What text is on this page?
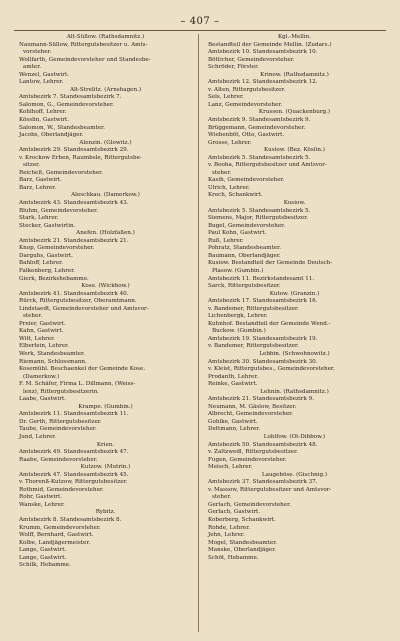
– 407 –
Alt-Süllow. (Rathsdamnitz.)
Naumann-Süllow, Rittergutsbesitzer u. Amts-
vorsteher.
Wollfarth, Gemeindevorsteher und Standesbe-
amter.
Wenzel, Gastwirt.
Lantow, Lehrer.
Alt-Strelitz. (Arnshagen.)
Amtsbezirk 7. Standesamtsbezirk 7.
Salomon, G., Gemeindevorsteher.
Kohlhoff, Lehrer.
Kösslin, Gastwirt.
Salomon, W., Standesbeamter.
Jacobs, Oberlandjäger.
Alenzin. (Glowitz.)
Amtsbezirk 29. Standesamtsbezirk 29.
v. Krockow Erben, Raumbsle, Rittergutsbe-
sitzer.
Reichelt, Gemeindevorsteher.
Barz, Gastwirt.
Barz, Lehrer.
Aleschkau. (Damerkow.)
Amtsbezirk 43. Standesamtsbezirk 43.
Bluhm, Gemeindevorsteher.
Stark, Lehrer.
Stecker, Gastwirtin.
Anefen. (Holzfaßen.)
Amtsbezirk 21. Standesamtsbezirk 21.
Knop, Gemeindevorsteher.
Darguhs, Gastwirt.
Bahloff, Lehrer.
Falkenberg, Lehrer.
Gierk, Bezirkshebamme.
Kose. (Wickbow.)
Amtsbezirk 41. Standesamtsbezirk 40.
Rürck, Rittergutsbesitzer, Oberamtmann.
Lindstaedt, Gemeindevorsteher und Amtsvor-
steher.
Preier, Gastwirt.
Kahn, Gastwirt.
Witt, Lehrer.
Elberlein, Lehrer.
Werk, Standesbeamter.
Riemann, Schlossmann.
Kosemühl. Beschaenkel der Gemeinde Kose.
(Damerkow.)
F. M. Schäfer, Firma L. Dillmann, (Weiss-
lenz), Rittergutsbesitzerin.
Laabe, Gastwirt.
Krampe. (Gumbin.)
Amtsbezirk 11. Standesamtsbezirk 11.
Dr. Gerth, Rittergutsbesitzer.
Taube, Gemeindevorsteher.
Jund, Lehrer.
Krien.
Amtsbezirk 49. Standesamtsbezirk 47.
Raabe, Gemeindevorsteher.
Kutzow. (Mutrin.)
Amtsbezirk 47. Standesamtsbezirk 45.
v. Thorenß-Kutzow, Rittergutsbesitzer.
Rothmid, Gemeindevorsteher.
Rohr, Gastwirt.
Wanske, Lehrer.
Rybitz.
Amtsbezirk 8. Standesamtsbezirk 8.
Krumm, Gemeindevorsteher.
Wolff, Bernhard, Gastwirt.
Kolbe, Landjägermeister.
Lange, Gastwirt.
Lange, Gastwirt.
Schilk, Hebamme.
Kgl.-Mellin.
Bestandteil der Gemeinde Mellin. (Zudars.)
Amtsbezirk 10. Standesamtsbezirk 10.
Bötticher, Gemeindevorsteher.
Schröder, Förster.
Krinow. (Rathsdamnitz.)
Amtsbezirk 12. Standesamtsbezirk 12.
v. Alten, Rittergutsbesitzer.
Sels, Lehrer.
Lanz, Gemeindevorsteher.
Krussen. (Quackenburg.)
Amtsbezirk 9. Standesamtsbezirk 9.
Brüggemann, Gemeindevorsteher.
Wiebenböt, Otto, Gastwirt.
Grosse, Lehrer.
Kusiow. (Bez. Köslin.)
Amtsbezirk 5. Standesamtsbezirk 5.
v. Booha, Rittergutsbesitzer und Amtsvor-
steher.
Kasih, Gemeindevorsteher.
Ulrich, Lehrer.
Krech, Schankwirt.
Kusiow.
Amtsbezirk 5. Standesamtsbezirk 5.
Siemens, Major, Rittergutsbesitzer.
Bugel, Gemeindevorsteher.
Paul Kohn, Gastwirt.
Ruß, Lehrer.
Pohratz, Standesbeamter.
Baumann, Oberlandjäger.
Kusiow. Bestandteil der Gemeinde Deutsch-
Plasow. (Gumbin.)
Amtsbezirk 11. Bezirkstandesamt 11.
Sarck, Rittergutsbesitzer.
Kutow. (Granzin.)
Amtsbezirk 17. Standesamtsbezirk 16.
v. Bandemer, Rittergutsbesitzer.
Lichenbergk, Lehrer.
Kuhnhof. Bestandteil der Gemeinde Wend.-
Buckow. (Gumbin.)
Amtsbezirk 19. Standesamtsbezirk 19.
v. Bandemer, Rittergutsbesitzer.
Lebbin. (Schwohnowitz.)
Amtsbezirk 30. Standesamtsbezirk 30.
v. Kleist, Rittergutsbes., Gemeindevorsteher.
Prodanth, Lehrer.
Reinke, Gastwirt.
Lehnin. (Rathsdamnitz.)
Amtsbezirk 21. Standesamtsbezirk 9.
Neumann, M. Gäslow, Besitzer.
Albrecht, Gemeindevorsteher.
Gohlke, Gastwirt.
Dettmann, Lehrer.
Lohlfow. (Ot-Dibbow.)
Amtsbezirk 50. Standesamtsbezirk 48.
v. Zaltzwedl, Rittergutsbesitzer.
Fugen, Gemeindevorsteher.
Meisch, Lehrer.
Laugeböse. (Gischnig.)
Amtsbezirk 37. Standesamtsbezirk 37.
v. Massow, Rittergutsbesitzer und Amtsvor-
steher.
Gerlach, Gemeindevorsteher.
Gerlach, Gastwirt.
Koberberg, Schankwirt.
Rohde, Lehrer.
Jehn, Lehrer.
Mogel, Standesbeamter.
Manske, Oberlandjäger.
Schöt, Hebamme.
